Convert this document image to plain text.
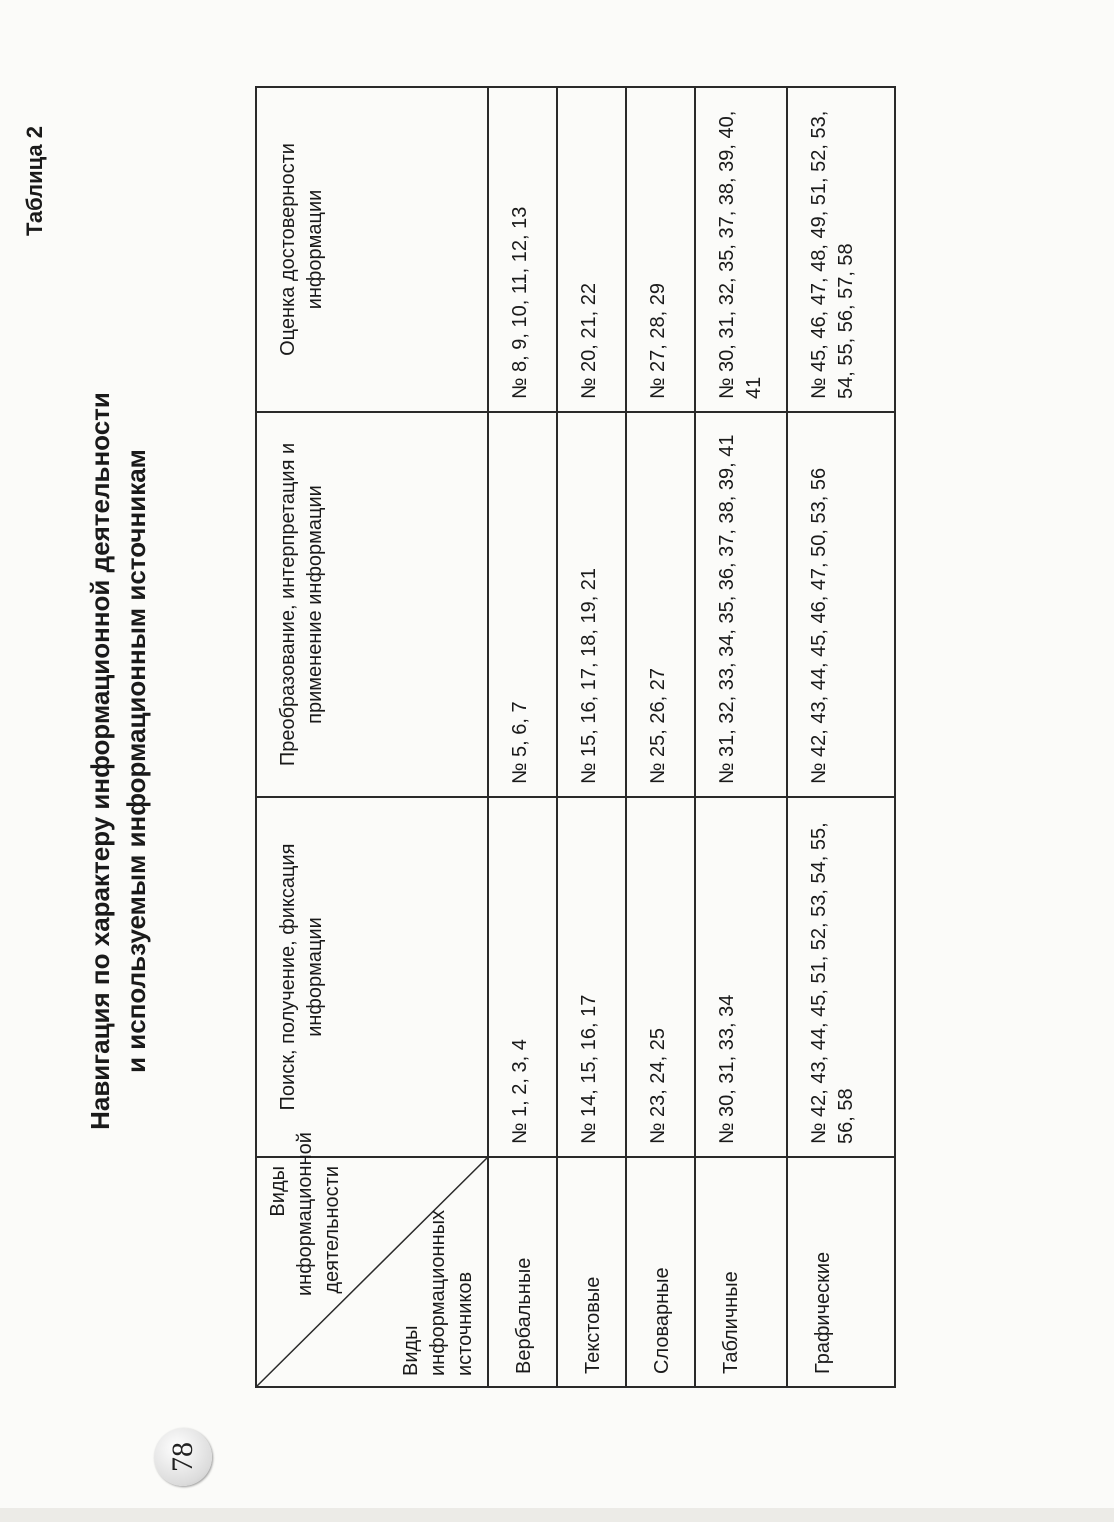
78
Таблица 2
Навигация по характеру информационной деятельности и используемым информационным источникам
Виды информационной деятельности
Виды информационных источников	Поиск, получение, фиксация информации	Преобразование, интерпретация и применение информации	Оценка достоверности информации
Вербальные	№ 1, 2, 3, 4	№ 5, 6, 7	№ 8, 9, 10, 11, 12, 13
Текстовые	№ 14, 15, 16, 17	№ 15, 16, 17, 18, 19, 21	№ 20, 21, 22
Словарные	№ 23, 24, 25	№ 25, 26, 27	№ 27, 28, 29
Табличные	№ 30, 31, 33, 34	№ 31, 32, 33, 34, 35, 36, 37, 38, 39, 41	№ 30, 31, 32, 35, 37, 38, 39, 40, 41
Графические	№ 42, 43, 44, 45, 51, 52, 53, 54, 55, 56, 58	№ 42, 43, 44, 45, 46, 47, 50, 53, 56	№ 45, 46, 47, 48, 49, 51, 52, 53, 54, 55, 56, 57, 58
